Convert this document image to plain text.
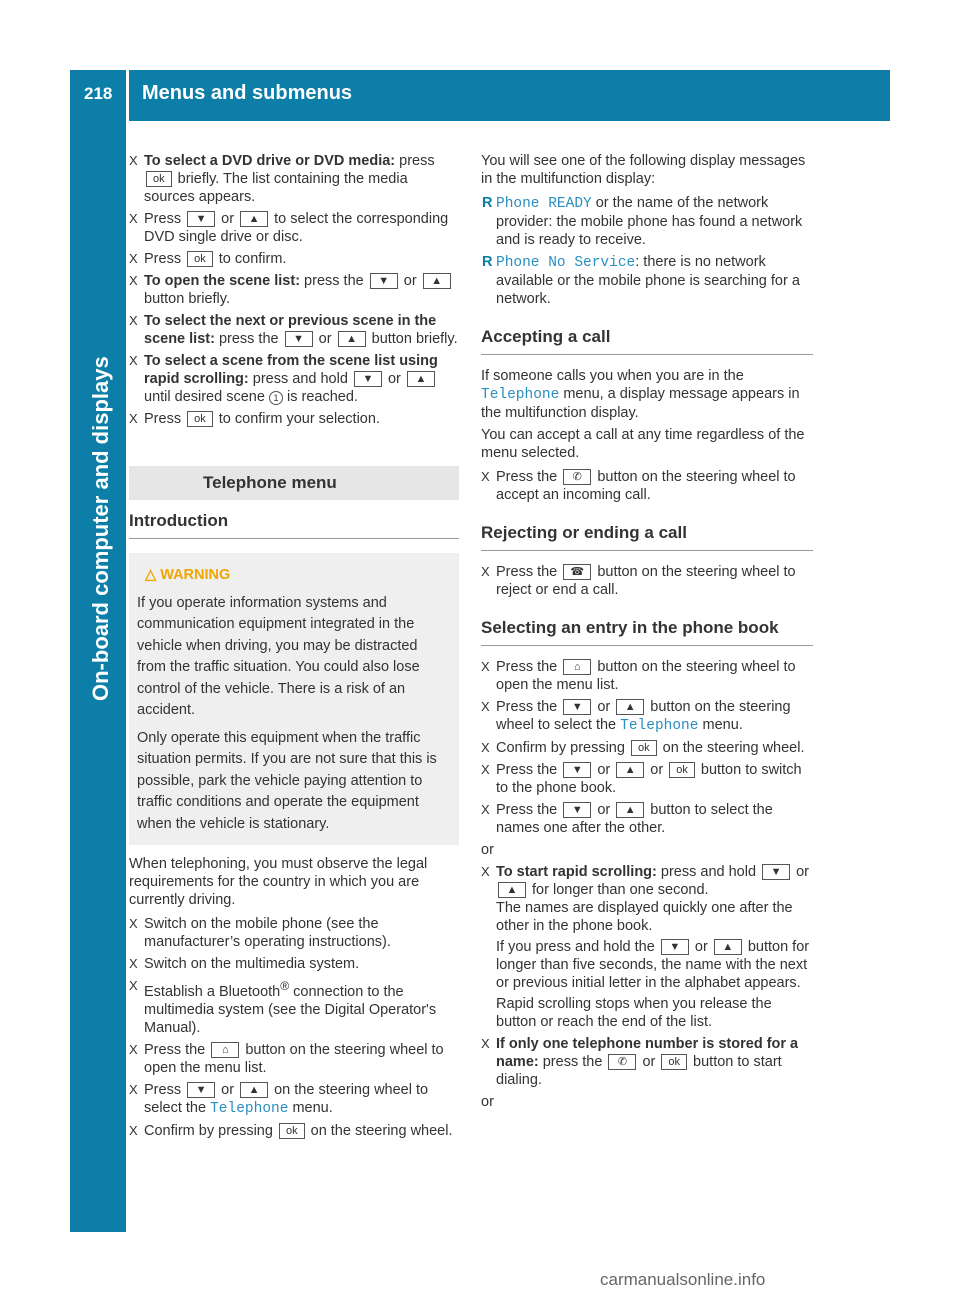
218 Menus and submenus
On-board computer and displays
X To select a DVD drive or DVD media: press ok briefly. The list containing the media sources appears.
X Press ▼ or ▲ to select the corresponding DVD single drive or disc.
X Press ok to confirm.
X To open the scene list: press the ▼ or ▲ button briefly.
X To select the next or previous scene in the scene list: press the ▼ or ▲ button briefly.
X To select a scene from the scene list using rapid scrolling: press and hold ▼ or ▲ until desired scene 1 is reached.
X Press ok to confirm your selection.
Telephone menu
Introduction
△ WARNING

If you operate information systems and communication equipment integrated in the vehicle when driving, you may be distracted from the traffic situation. You could also lose control of the vehicle. There is a risk of an accident.

Only operate this equipment when the traffic situation permits. If you are not sure that this is possible, park the vehicle paying attention to traffic conditions and operate the equipment when the vehicle is stationary.

When telephoning, you must observe the legal requirements for the country in which you are currently driving.

X Switch on the mobile phone (see the manufacturer’s operating instructions).
X Switch on the multimedia system.
X Establish a Bluetooth® connection to the multimedia system (see the Digital Operator's Manual).
X Press the ⌂ button on the steering wheel to open the menu list.
X Press ▼ or ▲ on the steering wheel to select the Telephone menu.
X Confirm by pressing ok on the steering wheel.

You will see one of the following display messages in the multifunction display:

R Phone READY or the name of the network provider: the mobile phone has found a network and is ready to receive.
R Phone No Service: there is no network available or the mobile phone is searching for a network.
Accepting a call

If someone calls you when you are in the Telephone menu, a display message appears in the multifunction display.

You can accept a call at any time regardless of the menu selected.

X Press the ✆ button on the steering wheel to accept an incoming call.
Rejecting or ending a call
X Press the ☎ button on the steering wheel to reject or end a call.
Selecting an entry in the phone book
X Press the ⌂ button on the steering wheel to open the menu list.
X Press the ▼ or ▲ button on the steering wheel to select the Telephone menu.
X Confirm by pressing ok on the steering wheel.
X Press the ▼ or ▲ or ok button to switch to the phone book.
X Press the ▼ or ▲ button to select the names one after the other.

or

X To start rapid scrolling: press and hold ▼ or ▲ for longer than one second.
The names are displayed quickly one after the other in the phone book.
If you press and hold the ▼ or ▲ button for longer than five seconds, the name with the next or previous initial letter in the alphabet appears.
Rapid scrolling stops when you release the button or reach the end of the list.
X If only one telephone number is stored for a name: press the ✆ or ok button to start dialing.

or

carmanualsonline.info
